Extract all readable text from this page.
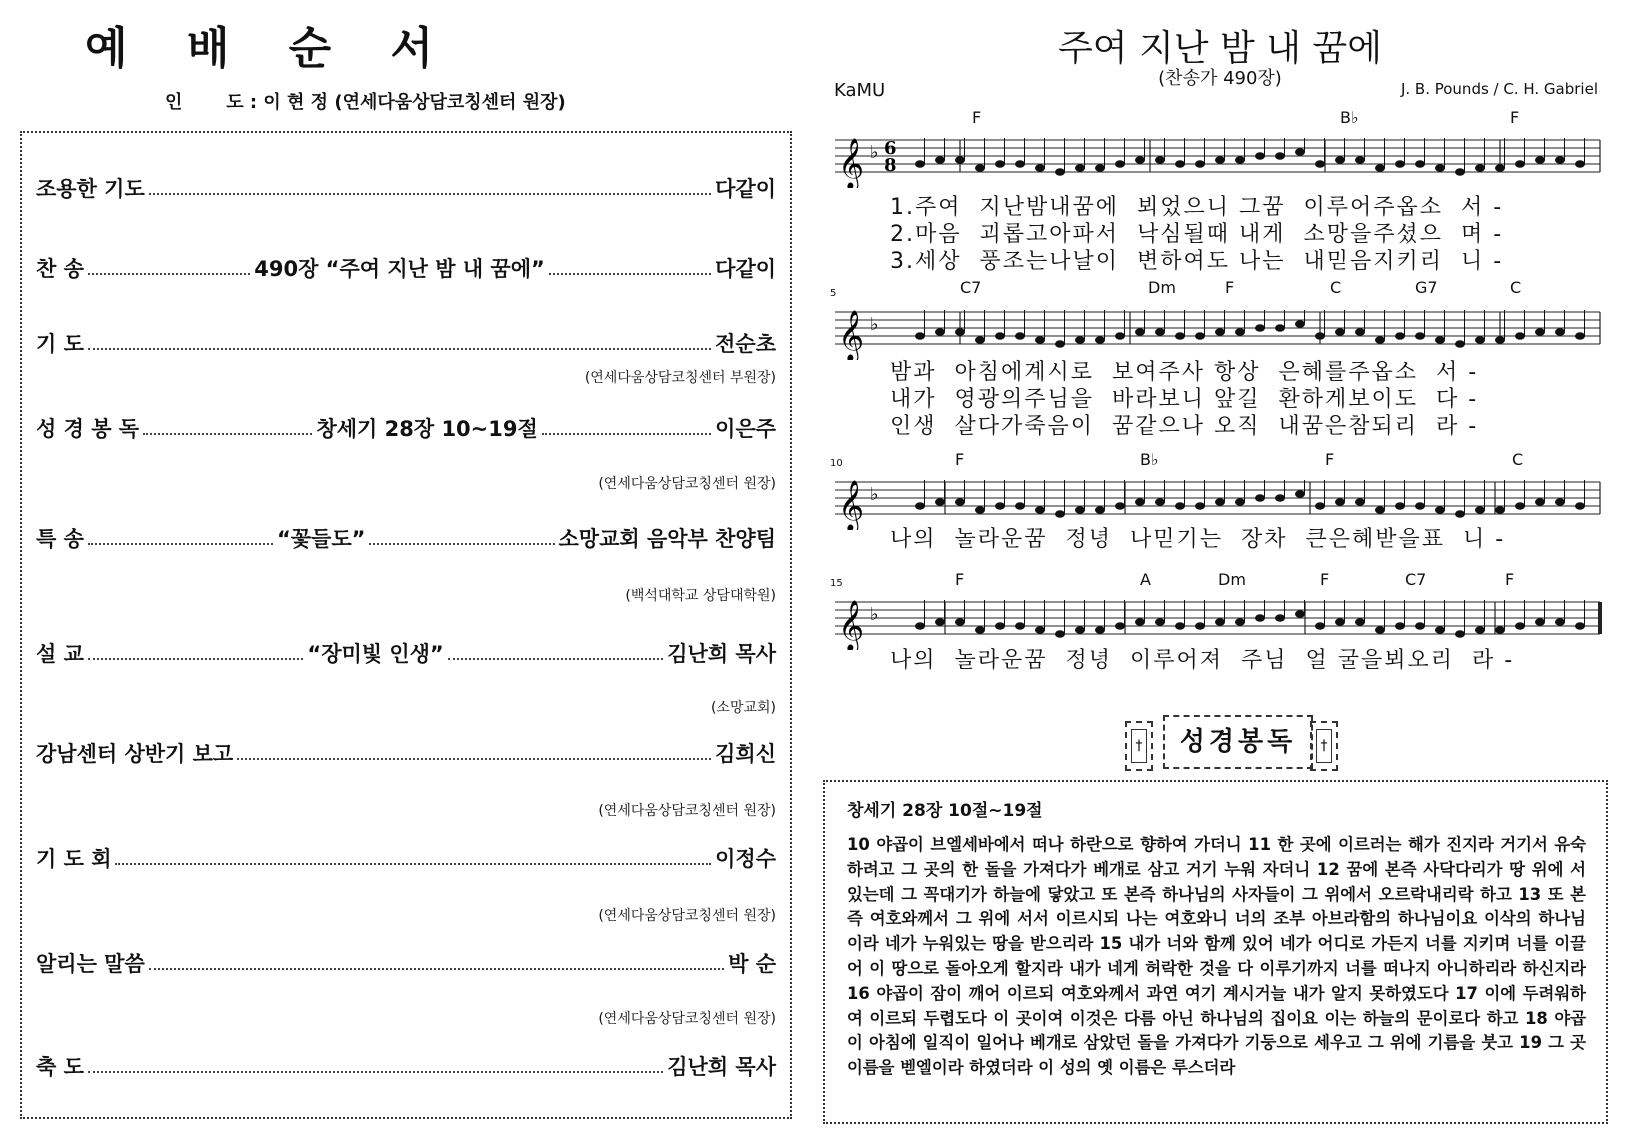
예 배 순 서
인       도 : 이 현 정 (연세다움상담코칭센터 원장)
조용한 기도	다같이
찬 송	490장 “주여 지난 밤 내 꿈에”	다같이
기 도	전순초
(연세다움상담코칭센터 부원장)
성 경 봉 독	창세기 28장 10~19절	이은주
(연세다움상담코칭센터 원장)
특 송	“꽃들도”	소망교회 음악부 찬양팀
(백석대학교 상담대학원)
설 교	“장미빛 인생”	김난희 목사
(소망교회)
강남센터 상반기 보고	김희신
(연세다움상담코칭센터 원장)
기 도 회	이정수
(연세다움상담코칭센터 원장)
알리는 말씀	박 순
(연세다움상담코칭센터 원장)
축 도	김난희 목사
주여 지난 밤 내 꿈에
(찬송가 490장)
KaMU	J. B. Pounds / C. H. Gabriel
𝄞 ♭ 6
8
F	B♭	F
1.주여  지난밤내꿈에  뵈었으니 그꿈  이루어주옵소  서 -
2.마음  괴롭고아파서  낙심될때 내게  소망을주셨으  며 -
3.세상  풍조는나날이  변하여도 나는  내믿음지키리  니 -
𝄞 ♭
5	C7	Dm	F	C	G7	C
밤과  아침에계시로  보여주사 항상  은혜를주옵소  서 -
내가  영광의주님을  바라보니 앞길  환하게보이도  다 -
인생  살다가죽음이  꿈같으나 오직  내꿈은참되리  라 -
𝄞 ♭
10	F	B♭	F	C
나의  놀라운꿈  정녕  나믿기는  장차  큰은혜받을표  니 -
𝄞 ♭
15	F	A	Dm	F	C7	F
나의  놀라운꿈  정녕  이루어져  주님  얼 굴을뵈오리  라 -
†	성경봉독	†
창세기 28장 10절~19절
10 야곱이 브엘세바에서 떠나 하란으로 향하여 가더니 11 한 곳에 이르러는 해가 진지라 거기서 유숙하려고 그 곳의 한 돌을 가져다가 베개로 삼고 거기 누워 자더니 12 꿈에 본즉 사닥다리가 땅 위에 서 있는데 그 꼭대기가 하늘에 닿았고 또 본즉 하나님의 사자들이 그 위에서 오르락내리락 하고 13 또 본즉 여호와께서 그 위에 서서 이르시되 나는 여호와니 너의 조부 아브라함의 하나님이요 이삭의 하나님이라 네가 누워있는 땅을 받으리라 15 내가 너와 함께 있어 네가 어디로 가든지 너를 지키며 너를 이끌어 이 땅으로 돌아오게 할지라 내가 네게 허락한 것을 다 이루기까지 너를 떠나지 아니하리라 하신지라 16 야곱이 잠이 깨어 이르되 여호와께서 과연 여기 계시거늘 내가 알지 못하였도다 17 이에 두려워하여 이르되 두렵도다 이 곳이여 이것은 다름 아닌 하나님의 집이요 이는 하늘의 문이로다 하고 18 야곱이 아침에 일직이 일어나 베개로 삼았던 돌을 가져다가 기둥으로 세우고 그 위에 기름을 붓고 19 그 곳 이름을 벧엘이라 하였더라 이 성의 옛 이름은 루스더라
